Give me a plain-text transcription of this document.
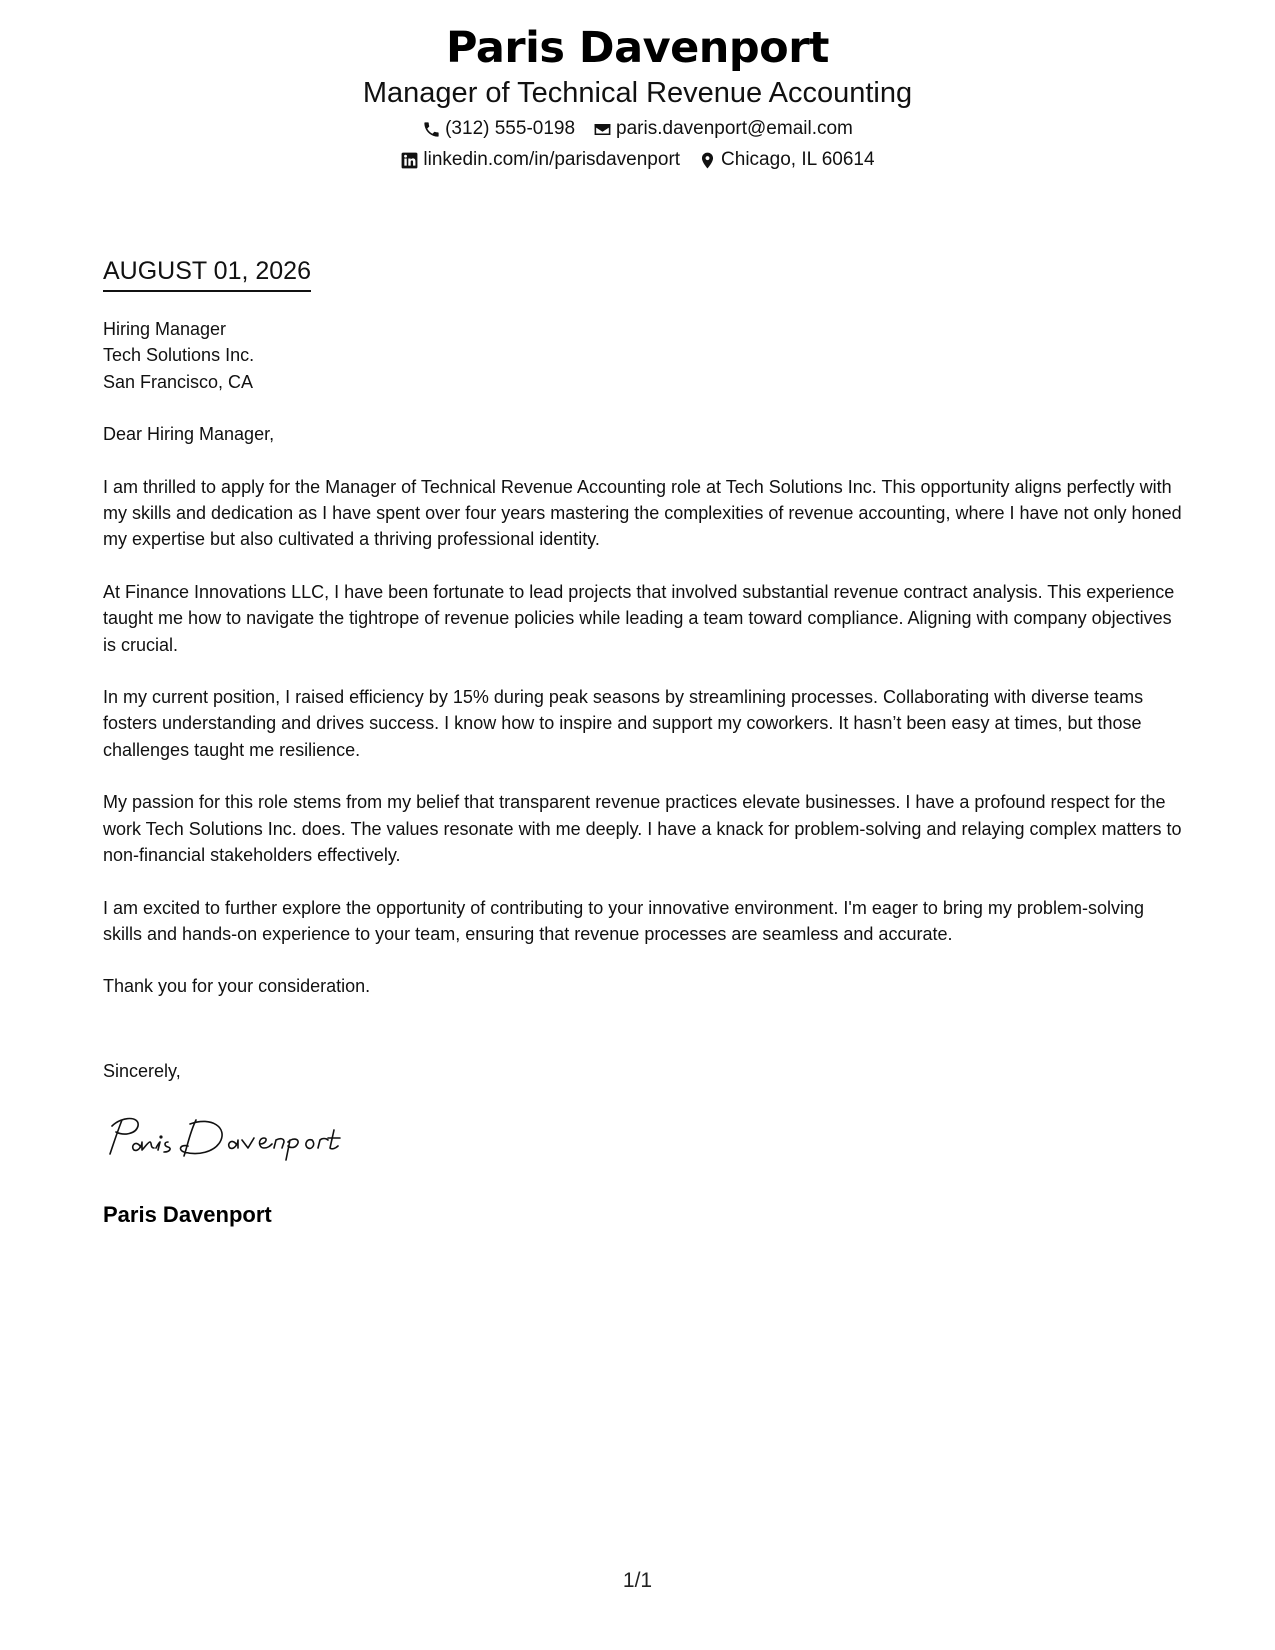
Paris Davenport
Manager of Technical Revenue Accounting
(312) 555-0198 paris.davenport@email.com
linkedin.com/in/parisdavenport Chicago, IL 60614
AUGUST 01, 2026
Hiring Manager
Tech Solutions Inc.
San Francisco, CA

Dear Hiring Manager,

I am thrilled to apply for the Manager of Technical Revenue Accounting role at Tech Solutions Inc. This opportunity aligns perfectly with my skills and dedication as I have spent over four years mastering the complexities of revenue accounting, where I have not only honed my expertise but also cultivated a thriving professional identity.

At Finance Innovations LLC, I have been fortunate to lead projects that involved substantial revenue contract analysis. This experience taught me how to navigate the tightrope of revenue policies while leading a team toward compliance. Aligning with company objectives is crucial.

In my current position, I raised efficiency by 15% during peak seasons by streamlining processes. Collaborating with diverse teams fosters understanding and drives success. I know how to inspire and support my coworkers. It hasn’t been easy at times, but those challenges taught me resilience.

My passion for this role stems from my belief that transparent revenue practices elevate businesses. I have a profound respect for the work Tech Solutions Inc. does. The values resonate with me deeply. I have a knack for problem-solving and relaying complex matters to non-financial stakeholders effectively.

I am excited to further explore the opportunity of contributing to your innovative environment. I'm eager to bring my problem-solving skills and hands-on experience to your team, ensuring that revenue processes are seamless and accurate.

Thank you for your consideration.

Sincerely,
Paris Davenport
1/1
